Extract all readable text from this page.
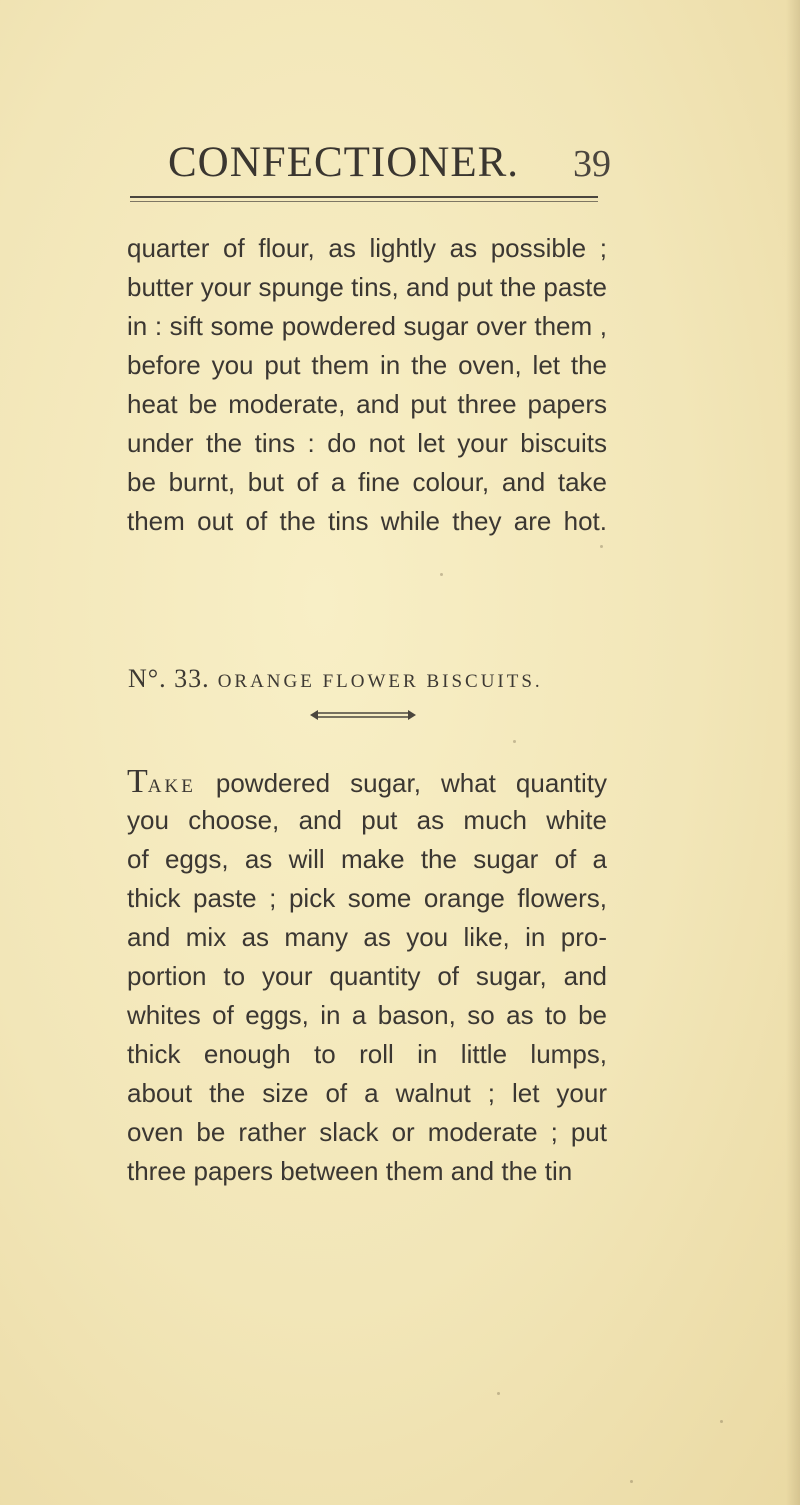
CONFECTIONER. 39
quarter of flour, as lightly as possible ;
butter your spunge tins, and put the paste
in : sift some powdered sugar over them ,
before you put them in the oven, let the
heat be moderate, and put three papers
under the tins : do not let your biscuits
be burnt, but of a fine colour, and take
them out of the tins while they are hot.
N°. 33. ORANGE FLOWER BISCUITS.
TAKE powdered sugar, what quantity
you choose, and put as much white
of eggs, as will make the sugar of a
thick paste ; pick some orange flowers,
and mix as many as you like, in pro-
portion to your quantity of sugar, and
whites of eggs, in a bason, so as to be
thick enough to roll in little lumps,
about the size of a walnut ; let your
oven be rather slack or moderate ; put
three papers between them and the tin
